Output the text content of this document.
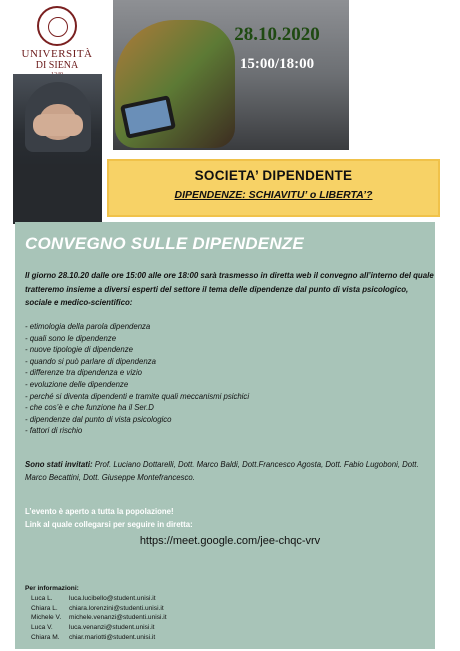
UNIVERSITÀ
DI SIENA
28.10.2020
15:00/18:00
SOCIETA’ DIPENDENTE
DIPENDENZE: SCHIAVITU’ o LIBERTA’?
CONVEGNO SULLE DIPENDENZE
Il giorno 28.10.20 dalle ore 15:00 alle ore 18:00 sarà trasmesso in diretta web il convegno all’interno del quale tratteremo insieme a diversi esperti del settore il tema delle dipendenze dal punto di vista psicologico, sociale e medico-scientifico:
- etimologia della parola dipendenza
- quali sono le dipendenze
- nuove tipologie di dipendenze
- quando si può parlare di dipendenza
- differenze tra dipendenza e vizio
- evoluzione delle dipendenze
- perché si diventa dipendenti e tramite quali meccanismi psichici
- che cos’è e che funzione ha il Ser.D
- dipendenze dal punto di vista psicologico
- fattori di rischio
Sono stati invitati: Prof. Luciano Dottarelli, Dott. Marco Baldi, Dott.Francesco Agosta, Dott. Fabio Lugoboni, Dott. Marco Becattini, Dott. Giuseppe Montefrancesco.
L’evento è aperto a tutta la popolazione!
Link al quale collegarsi per seguire in diretta:
https://meet.google.com/jee-chqc-vrv
Per informazioni:
Luca L. luca.lucibello@student.unisi.it
Chiara L. chiara.lorenzini@studenti.unisi.it
Michele V. michele.venanzi@studenti.unisi.it
Luca V. luca.venanzi@student.unisi.it
Chiara M. chiar.mariotti@student.unisi.it
